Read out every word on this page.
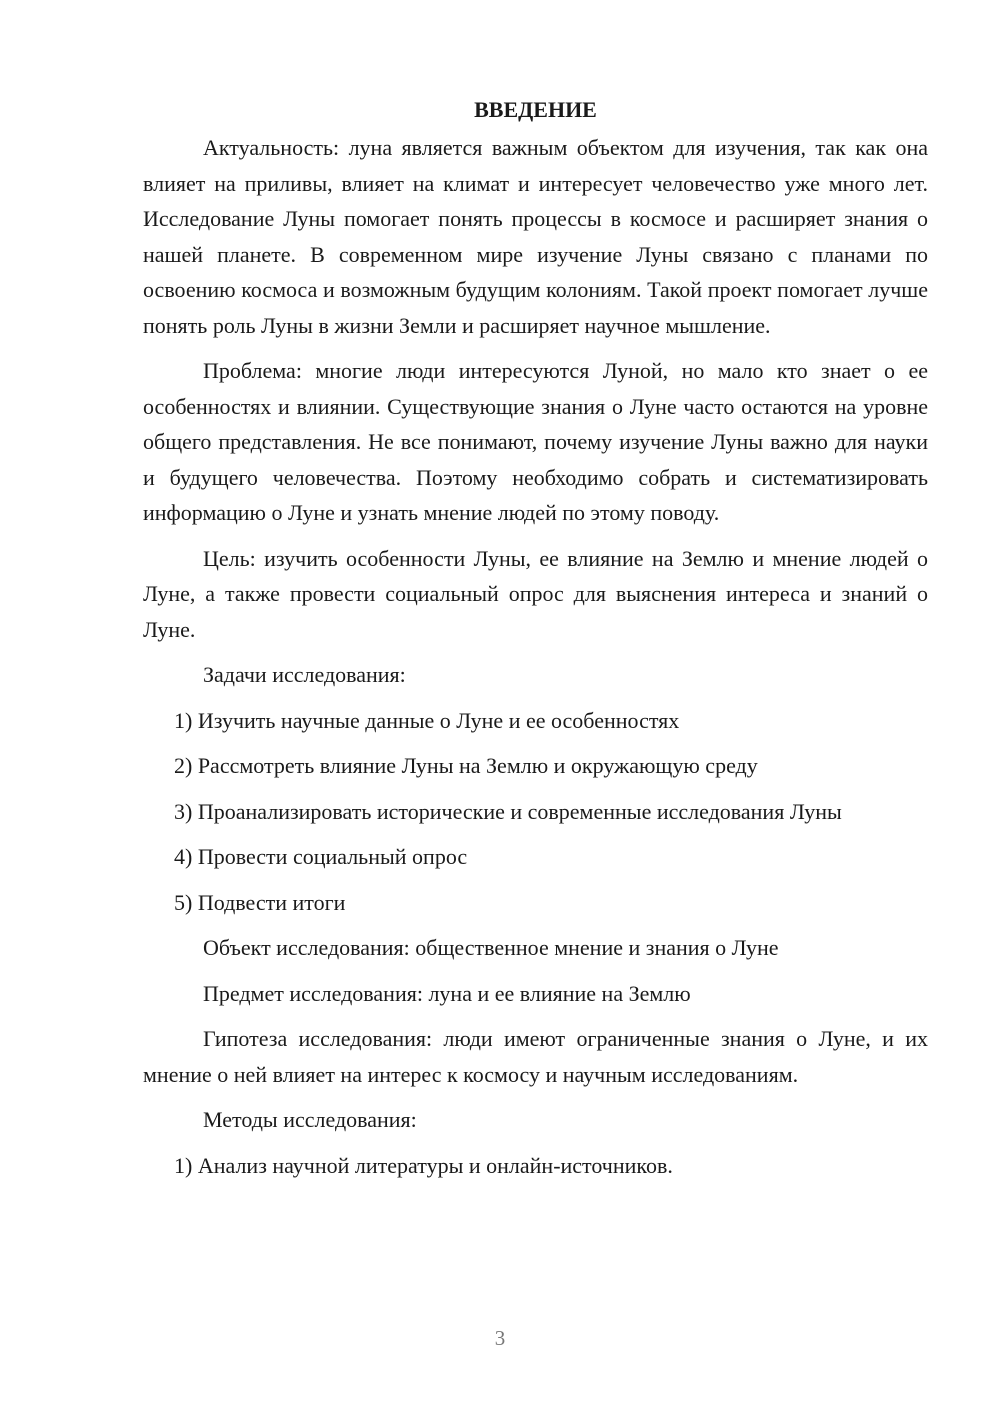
ВВЕДЕНИЕ

Актуальность: луна является важным объектом для изучения, так как она влияет на приливы, влияет на климат и интересует человечество уже много лет. Исследование Луны помогает понять процессы в космосе и расширяет знания о нашей планете. В современном мире изучение Луны связано с планами по освоению космоса и возможным будущим колониям. Такой проект помогает лучше понять роль Луны в жизни Земли и расширяет научное мышление.

Проблема: многие люди интересуются Луной, но мало кто знает о ее особенностях и влиянии. Существующие знания о Луне часто остаются на уровне общего представления. Не все понимают, почему изучение Луны важно для науки и будущего человечества. Поэтому необходимо собрать и систематизировать информацию о Луне и узнать мнение людей по этому поводу.

Цель: изучить особенности Луны, ее влияние на Землю и мнение людей о Луне, а также провести социальный опрос для выяснения интереса и знаний о Луне.

Задачи исследования:
1) Изучить научные данные о Луне и ее особенностях
2) Рассмотреть влияние Луны на Землю и окружающую среду
3) Проанализировать исторические и современные исследования Луны
4) Провести социальный опрос
5) Подвести итоги
Объект исследования: общественное мнение и знания о Луне
Предмет исследования: луна и ее влияние на Землю

Гипотеза исследования: люди имеют ограниченные знания о Луне, и их мнение о ней влияет на интерес к космосу и научным исследованиям.

Методы исследования:
1) Анализ научной литературы и онлайн-источников.
3
